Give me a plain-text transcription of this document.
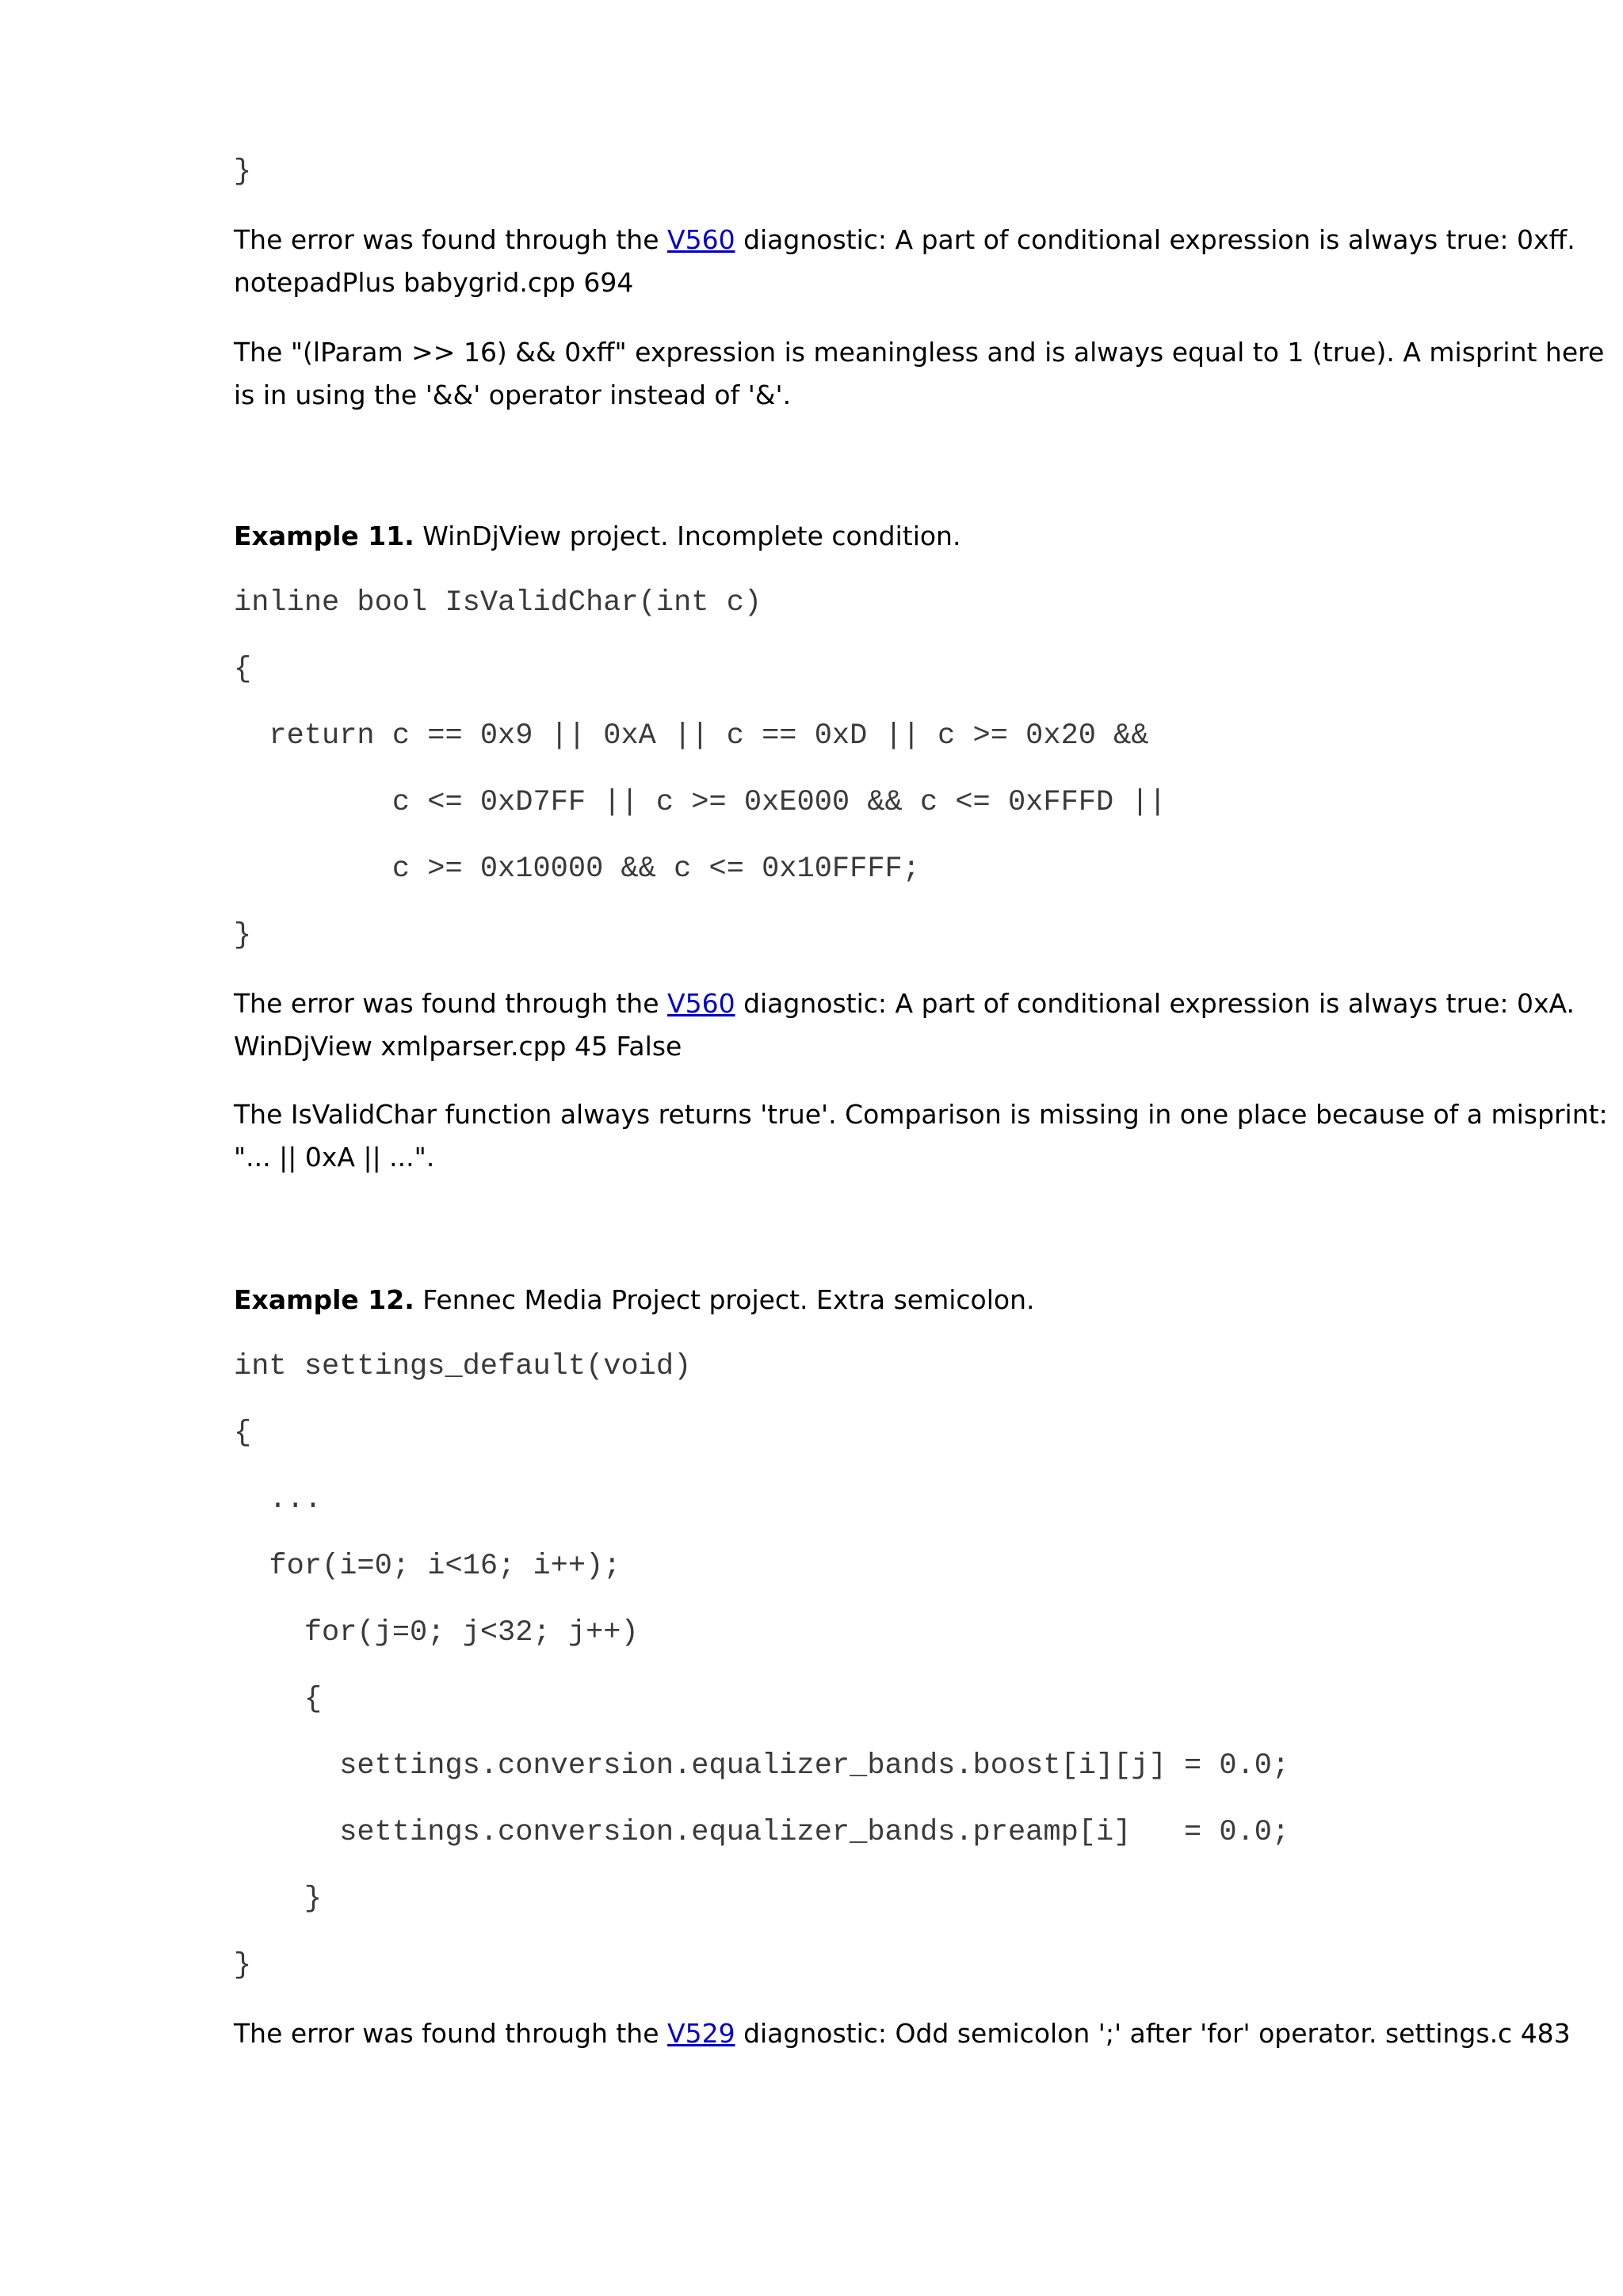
}

The error was found through the V560 diagnostic: A part of conditional expression is always true: 0xff.
notepadPlus babygrid.cpp 694

The "(lParam >> 16) && 0xff" expression is meaningless and is always equal to 1 (true). A misprint here
is in using the '&&' operator instead of '&'.

Example 11. WinDjView project. Incomplete condition.

inline bool IsValidChar(int c)
{
return c == 0x9 || 0xA || c == 0xD || c >= 0x20 &&
c <= 0xD7FF || c >= 0xE000 && c <= 0xFFFD ||
c >= 0x10000 && c <= 0x10FFFF;
}

The error was found through the V560 diagnostic: A part of conditional expression is always true: 0xA.
WinDjView xmlparser.cpp 45 False

The IsValidChar function always returns 'true'. Comparison is missing in one place because of a misprint:
"... || 0xA || ...".

Example 12. Fennec Media Project project. Extra semicolon.

int settings_default(void)
{
...
for(i=0; i<16; i++);
for(j=0; j<32; j++)
{
settings.conversion.equalizer_bands.boost[i][j] = 0.0;
settings.conversion.equalizer_bands.preamp[i]   = 0.0;
}
}

The error was found through the V529 diagnostic: Odd semicolon ';' after 'for' operator. settings.c 483
